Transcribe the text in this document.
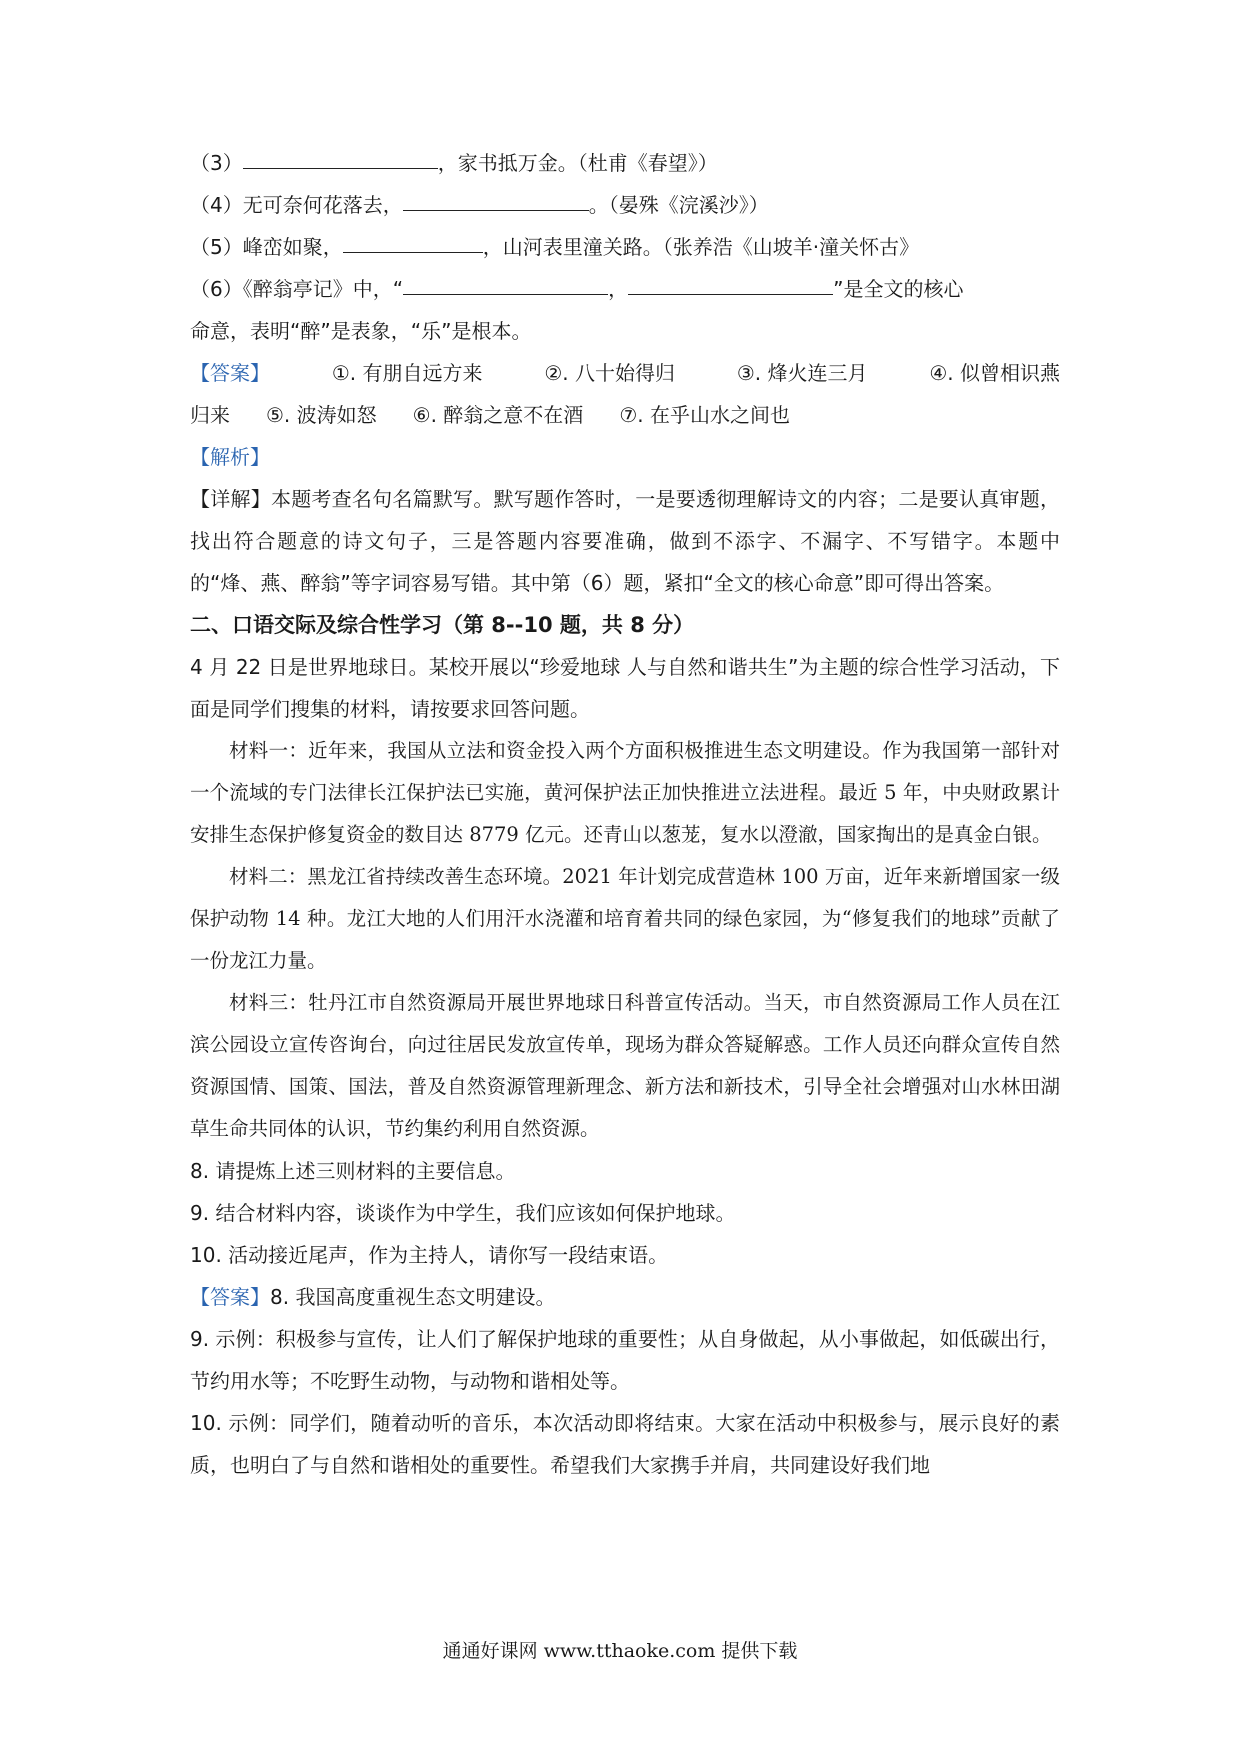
（3）	，家书抵万金。（杜甫《春望》）
（4）无可奈何花落去，	。（晏殊《浣溪沙》）
（5）峰峦如聚，	，山河表里潼关路。（张养浩《山坡羊·潼关怀古》
（6）《醉翁亭记》中，“	，	”是全文的核心
命意，表明“醉”是表象，“乐”是根本。
【答案】	①. 有朋自远方来	②. 八十始得归	③. 烽火连三月	④. 似曾相识燕
归来 ⑤. 波涛如怒 ⑥. 醉翁之意不在酒 ⑦. 在乎山水之间也
【解析】
【详解】本题考查名句名篇默写。默写题作答时，一是要透彻理解诗文的内容；二是要认真审题，找出符合题意的诗文句子，三是答题内容要准确，做到不添字、不漏字、不写错字。本题中的“烽、燕、醉翁”等字词容易写错。其中第（6）题，紧扣“全文的核心命意”即可得出答案。
二、口语交际及综合性学习（第 8--10 题，共 8 分）
4 月 22 日是世界地球日。某校开展以“珍爱地球 人与自然和谐共生”为主题的综合性学习活动，下面是同学们搜集的材料，请按要求回答问题。
材料一：近年来，我国从立法和资金投入两个方面积极推进生态文明建设。作为我国第一部针对一个流域的专门法律长江保护法已实施，黄河保护法正加快推进立法进程。最近 5 年，中央财政累计安排生态保护修复资金的数目达 8779 亿元。还青山以葱茏，复水以澄澈，国家掏出的是真金白银。
材料二：黑龙江省持续改善生态环境。2021 年计划完成营造林 100 万亩，近年来新增国家一级保护动物 14 种。龙江大地的人们用汗水浇灌和培育着共同的绿色家园，为“修复我们的地球”贡献了一份龙江力量。
材料三：牡丹江市自然资源局开展世界地球日科普宣传活动。当天，市自然资源局工作人员在江滨公园设立宣传咨询台，向过往居民发放宣传单，现场为群众答疑解惑。工作人员还向群众宣传自然资源国情、国策、国法，普及自然资源管理新理念、新方法和新技术，引导全社会增强对山水林田湖草生命共同体的认识，节约集约利用自然资源。
8. 请提炼上述三则材料的主要信息。
9. 结合材料内容，谈谈作为中学生，我们应该如何保护地球。
10. 活动接近尾声，作为主持人，请你写一段结束语。
【答案】 8. 我国高度重视生态文明建设。
9. 示例：积极参与宣传，让人们了解保护地球的重要性；从自身做起，从小事做起，如低碳出行，节约用水等；不吃野生动物，与动物和谐相处等。
10. 示例：同学们，随着动听的音乐，本次活动即将结束。大家在活动中积极参与，展示良好的素质，也明白了与自然和谐相处的重要性。希望我们大家携手并肩，共同建设好我们地
通通好课网 www.tthaoke.com 提供下载
